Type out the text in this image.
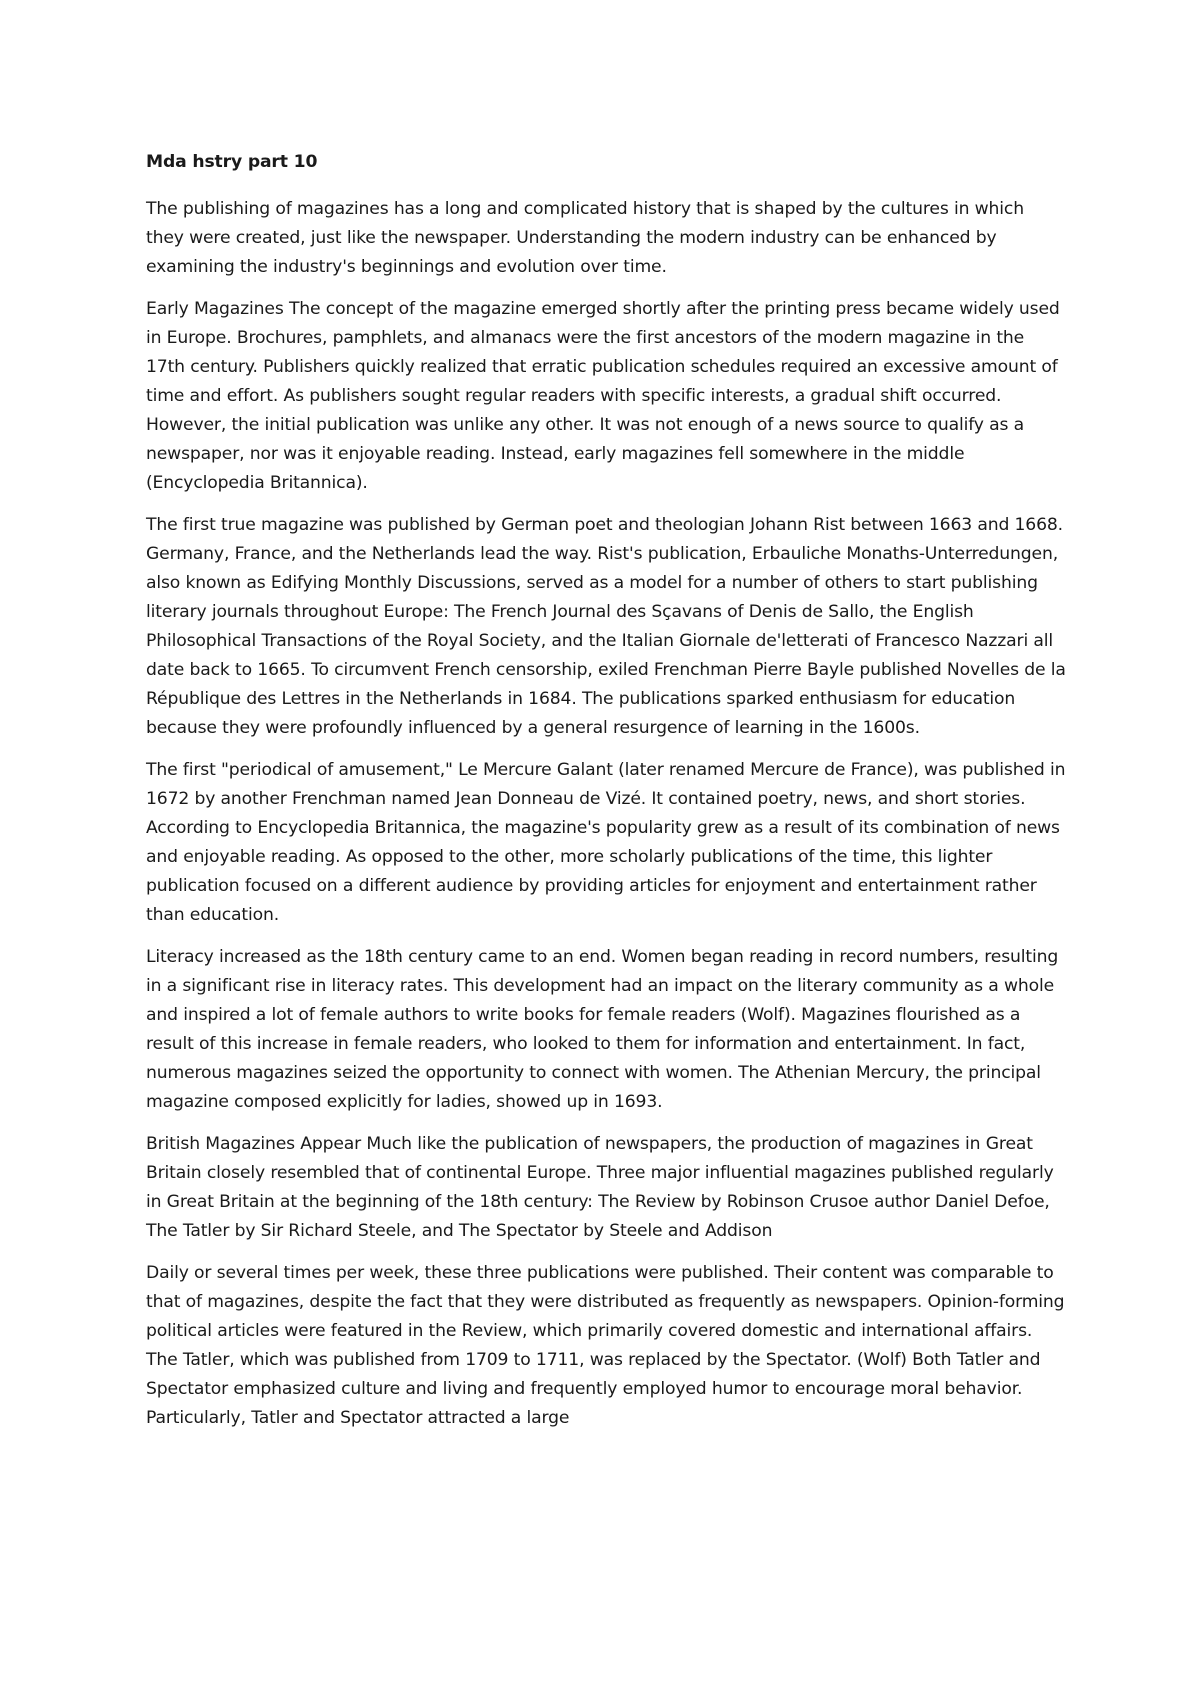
Mda hstry part 10

The publishing of magazines has a long and complicated history that is shaped by the cultures in which they were created, just like the newspaper. Understanding the modern industry can be enhanced by examining the industry's beginnings and evolution over time.

Early Magazines The concept of the magazine emerged shortly after the printing press became widely used in Europe. Brochures, pamphlets, and almanacs were the first ancestors of the modern magazine in the 17th century. Publishers quickly realized that erratic publication schedules required an excessive amount of time and effort. As publishers sought regular readers with specific interests, a gradual shift occurred. However, the initial publication was unlike any other. It was not enough of a news source to qualify as a newspaper, nor was it enjoyable reading. Instead, early magazines fell somewhere in the middle (Encyclopedia Britannica).

The first true magazine was published by German poet and theologian Johann Rist between 1663 and 1668. Germany, France, and the Netherlands lead the way. Rist's publication, Erbauliche Monaths-Unterredungen, also known as Edifying Monthly Discussions, served as a model for a number of others to start publishing literary journals throughout Europe: The French Journal des Sçavans of Denis de Sallo, the English Philosophical Transactions of the Royal Society, and the Italian Giornale de'letterati of Francesco Nazzari all date back to 1665. To circumvent French censorship, exiled Frenchman Pierre Bayle published Novelles de la République des Lettres in the Netherlands in 1684. The publications sparked enthusiasm for education because they were profoundly influenced by a general resurgence of learning in the 1600s.

The first "periodical of amusement," Le Mercure Galant (later renamed Mercure de France), was published in 1672 by another Frenchman named Jean Donneau de Vizé. It contained poetry, news, and short stories. According to Encyclopedia Britannica, the magazine's popularity grew as a result of its combination of news and enjoyable reading. As opposed to the other, more scholarly publications of the time, this lighter publication focused on a different audience by providing articles for enjoyment and entertainment rather than education.

Literacy increased as the 18th century came to an end. Women began reading in record numbers, resulting in a significant rise in literacy rates. This development had an impact on the literary community as a whole and inspired a lot of female authors to write books for female readers (Wolf). Magazines flourished as a result of this increase in female readers, who looked to them for information and entertainment. In fact, numerous magazines seized the opportunity to connect with women. The Athenian Mercury, the principal magazine composed explicitly for ladies, showed up in 1693.

British Magazines Appear Much like the publication of newspapers, the production of magazines in Great Britain closely resembled that of continental Europe. Three major influential magazines published regularly in Great Britain at the beginning of the 18th century: The Review by Robinson Crusoe author Daniel Defoe, The Tatler by Sir Richard Steele, and The Spectator by Steele and Addison

Daily or several times per week, these three publications were published. Their content was comparable to that of magazines, despite the fact that they were distributed as frequently as newspapers. Opinion-forming political articles were featured in the Review, which primarily covered domestic and international affairs. The Tatler, which was published from 1709 to 1711, was replaced by the Spectator. (Wolf) Both Tatler and Spectator emphasized culture and living and frequently employed humor to encourage moral behavior. Particularly, Tatler and Spectator attracted a large
